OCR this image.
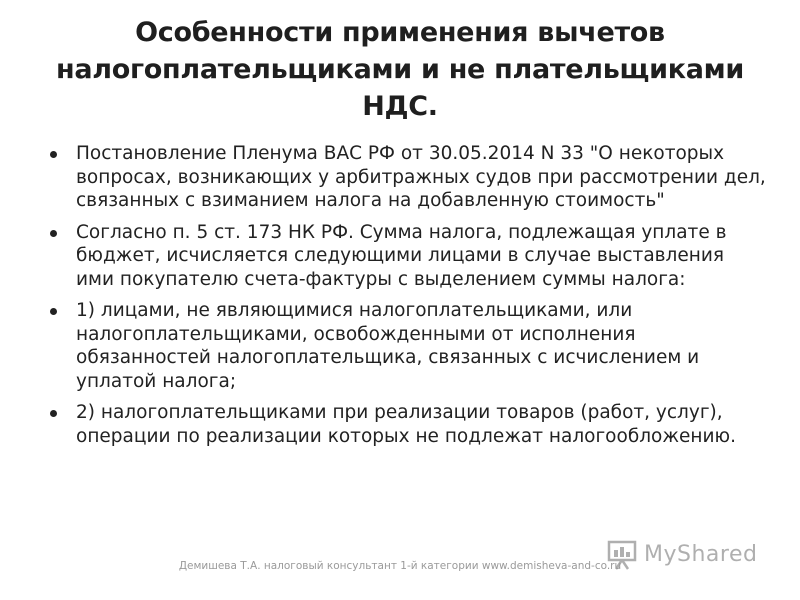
Особенности применения вычетов налогоплательщиками и не плательщиками НДС.
Постановление Пленума ВАС РФ от 30.05.2014 N 33 "О некоторых вопросах, возникающих у арбитражных судов при рассмотрении дел, связанных с взиманием налога на добавленную стоимость"
Согласно п. 5 ст. 173 НК РФ. Сумма налога, подлежащая уплате в бюджет, исчисляется следующими лицами в случае выставления ими покупателю счета-фактуры с выделением суммы налога:
1) лицами, не являющимися налогоплательщиками, или налогоплательщиками, освобожденными от исполнения обязанностей налогоплательщика, связанных с исчислением и уплатой налога;
2) налогоплательщиками при реализации товаров (работ, услуг), операции по реализации которых не подлежат налогообложению.
MyShared
Демишева Т.А. налоговый консультант 1-й категории www.demisheva-and-co.ru
